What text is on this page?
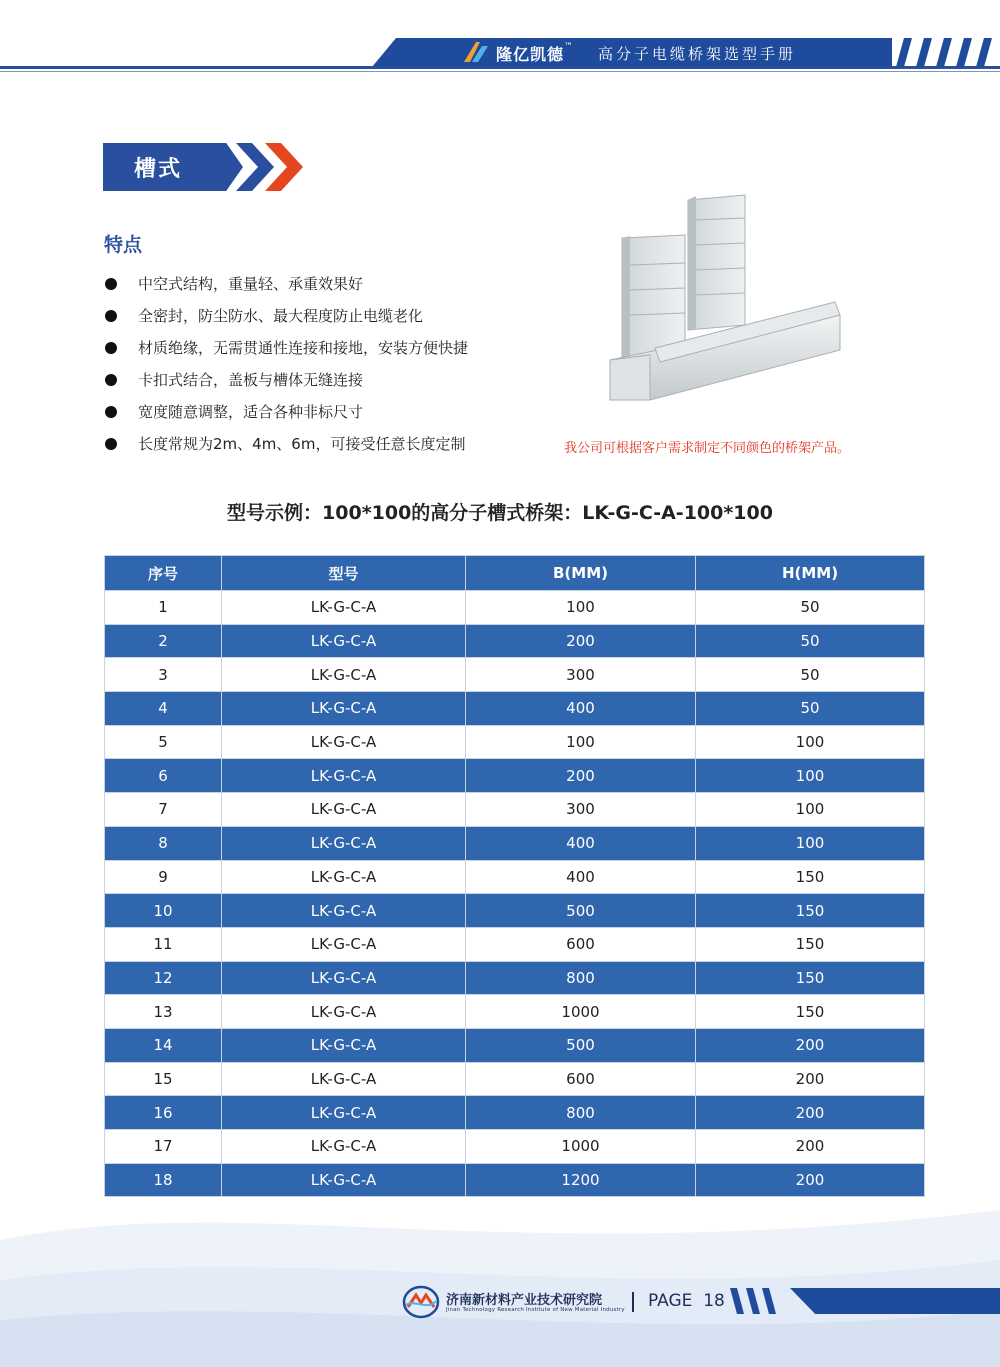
隆亿凯德™ 高分子电缆桥架选型手册
槽式
特点
中空式结构，重量轻、承重效果好
全密封，防尘防水、最大程度防止电缆老化
材质绝缘，无需贯通性连接和接地，安装方便快捷
卡扣式结合，盖板与槽体无缝连接
宽度随意调整，适合各种非标尺寸
长度常规为2m、4m、6m，可接受任意长度定制	我公司可根据客户需求制定不同颜色的桥架产品。
型号示例：100*100的高分子槽式桥架：LK-G-C-A-100*100
序号	型号	B(MM)	H(MM)
1	LK-G-C-A	100	50
2	LK-G-C-A	200	50
3	LK-G-C-A	300	50
4	LK-G-C-A	400	50
5	LK-G-C-A	100	100
6	LK-G-C-A	200	100
7	LK-G-C-A	300	100
8	LK-G-C-A	400	100
9	LK-G-C-A	400	150
10	LK-G-C-A	500	150
11	LK-G-C-A	600	150
12	LK-G-C-A	800	150
13	LK-G-C-A	1000	150
14	LK-G-C-A	500	200
15	LK-G-C-A	600	200
16	LK-G-C-A	800	200
17	LK-G-C-A	1000	200
18	LK-G-C-A	1200	200
济南新材料产业技术研究院
Jinan Technology Research Institute of New Material Industry PAGE 18
